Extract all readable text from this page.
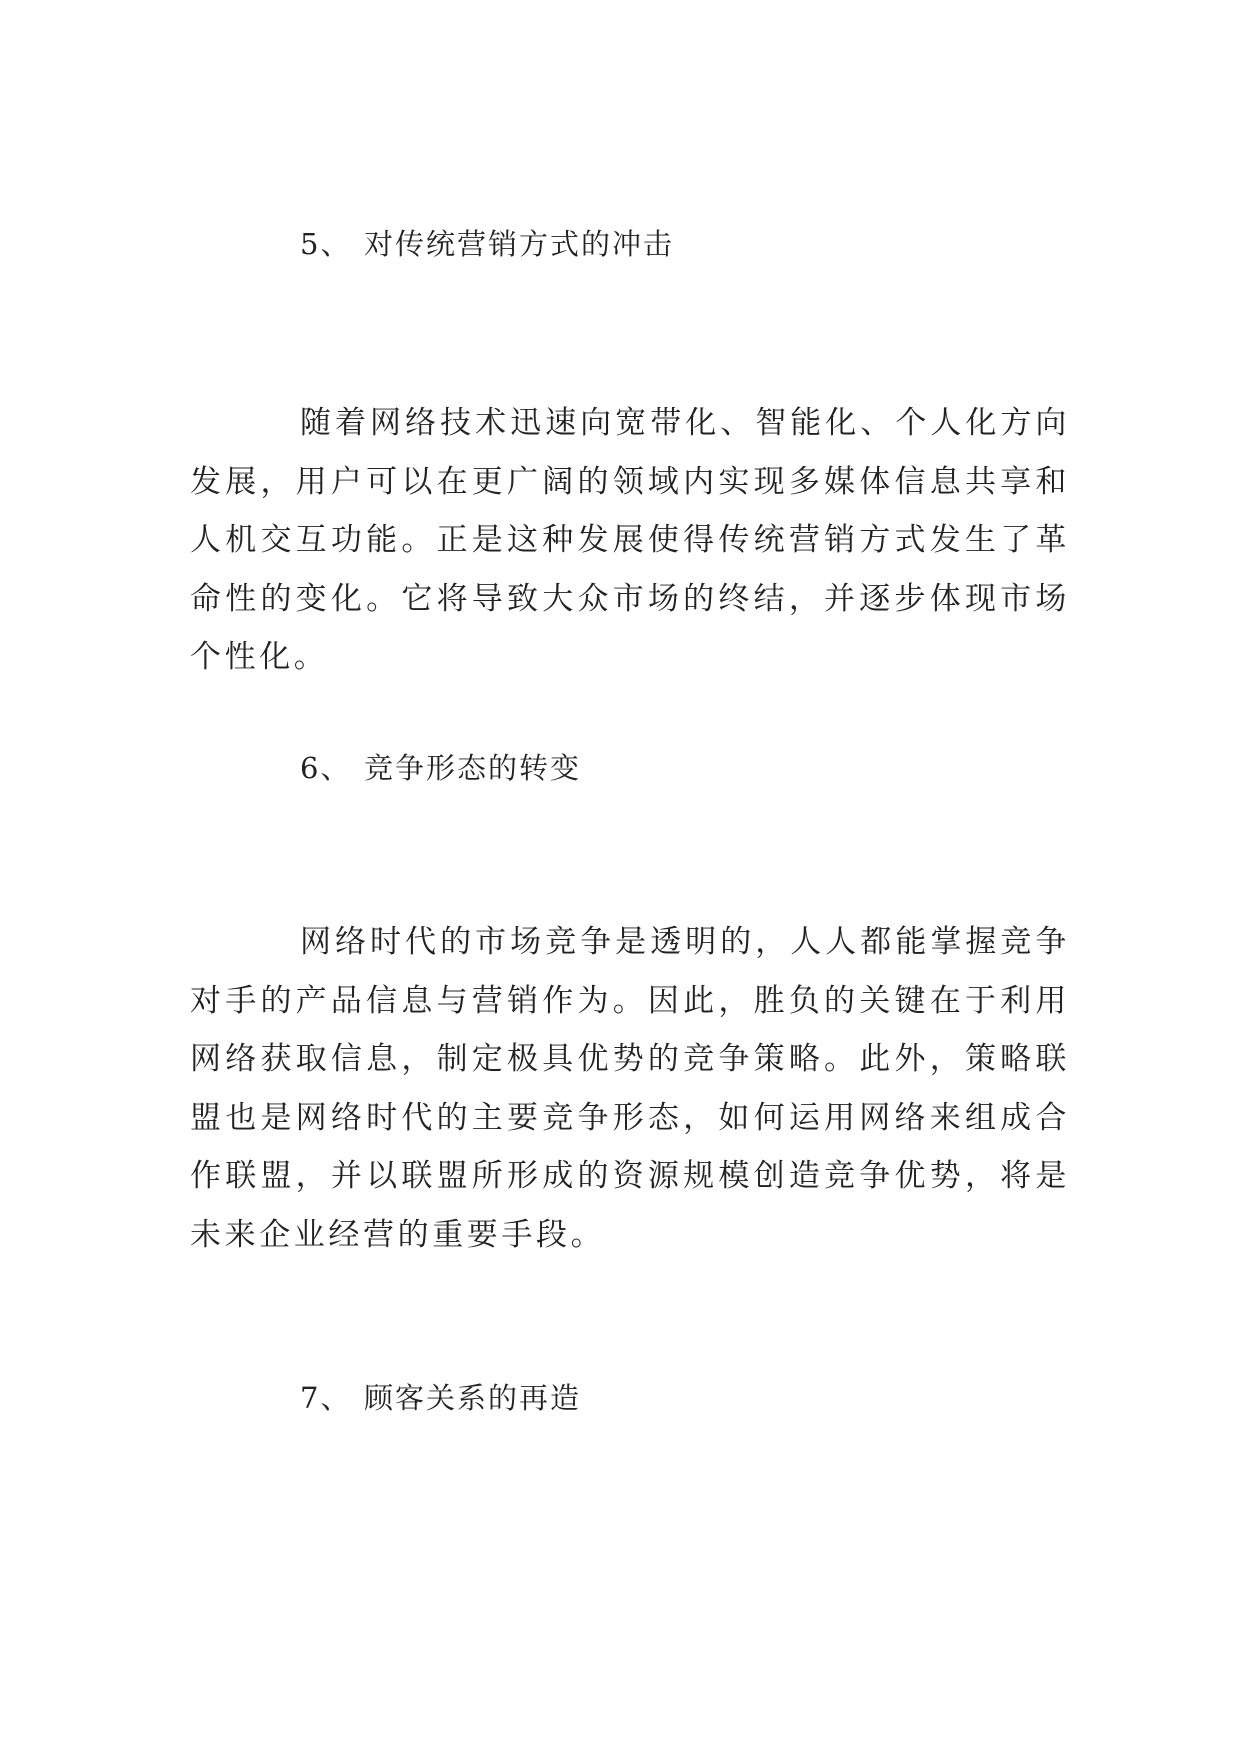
5、 对传统营销方式的冲击

随着网络技术迅速向宽带化、智能化、个人化方向发展，用户可以在更广阔的领域内实现多媒体信息共享和人机交互功能。正是这种发展使得传统营销方式发生了革命性的变化。它将导致大众市场的终结，并逐步体现市场个性化。

6、 竞争形态的转变

网络时代的市场竞争是透明的，人人都能掌握竞争对手的产品信息与营销作为。因此，胜负的关键在于利用网络获取信息，制定极具优势的竞争策略。此外，策略联盟也是网络时代的主要竞争形态，如何运用网络来组成合作联盟，并以联盟所形成的资源规模创造竞争优势，将是未来企业经营的重要手段。

7、 顾客关系的再造
